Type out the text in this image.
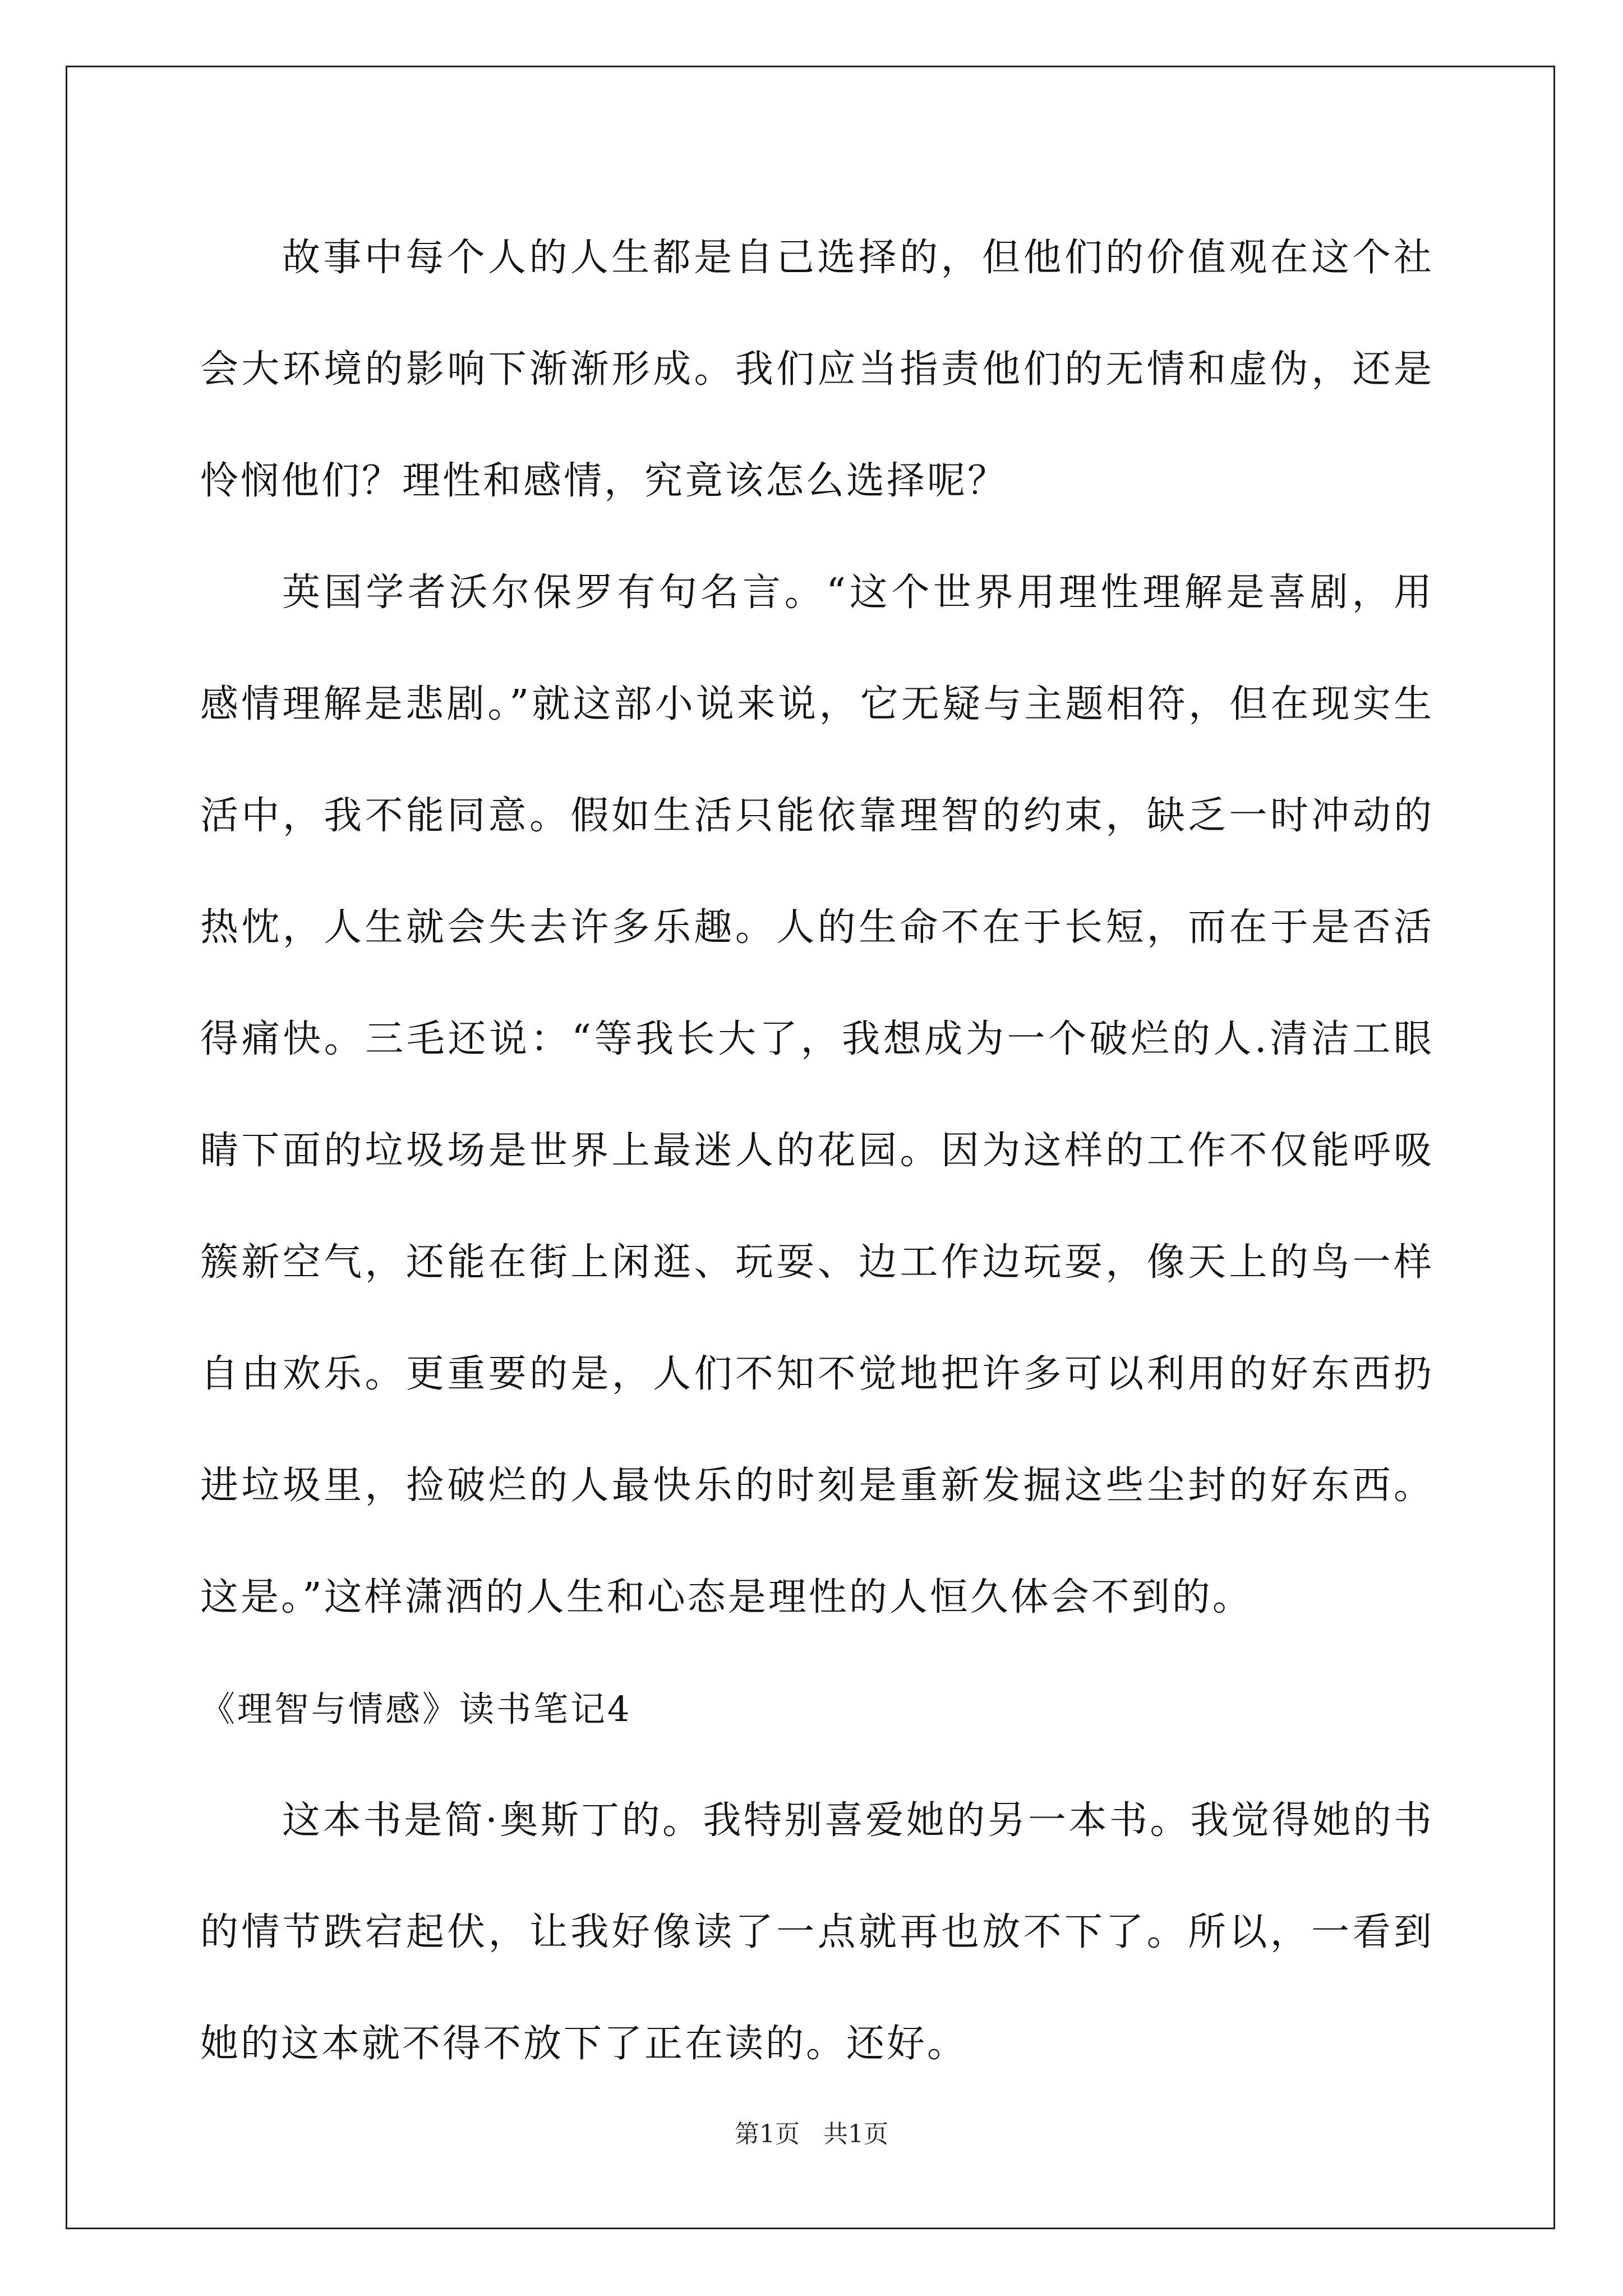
故事中每个人的人生都是自己选择的，但他们的价值观在这个社会大环境的影响下渐渐形成。我们应当指责他们的无情和虚伪，还是怜悯他们？理性和感情，究竟该怎么选择呢？

英国学者沃尔保罗有句名言。“这个世界用理性理解是喜剧，用感情理解是悲剧。”就这部小说来说，它无疑与主题相符，但在现实生活中，我不能同意。假如生活只能依靠理智的约束，缺乏一时冲动的热忱，人生就会失去许多乐趣。人的生命不在于长短，而在于是否活得痛快。三毛还说：“等我长大了，我想成为一个破烂的人.清洁工眼睛下面的垃圾场是世界上最迷人的花园。因为这样的工作不仅能呼吸簇新空气，还能在街上闲逛、玩耍、边工作边玩耍，像天上的鸟一样自由欢乐。更重要的是，人们不知不觉地把许多可以利用的好东西扔进垃圾里，捡破烂的人最快乐的时刻是重新发掘这些尘封的好东西。这是。”这样潇洒的人生和心态是理性的人恒久体会不到的。

《理智与情感》读书笔记4

这本书是简·奥斯丁的。我特别喜爱她的另一本书。我觉得她的书的情节跌宕起伏，让我好像读了一点就再也放不下了。所以，一看到她的这本就不得不放下了正在读的。还好。

第1页 共1页
